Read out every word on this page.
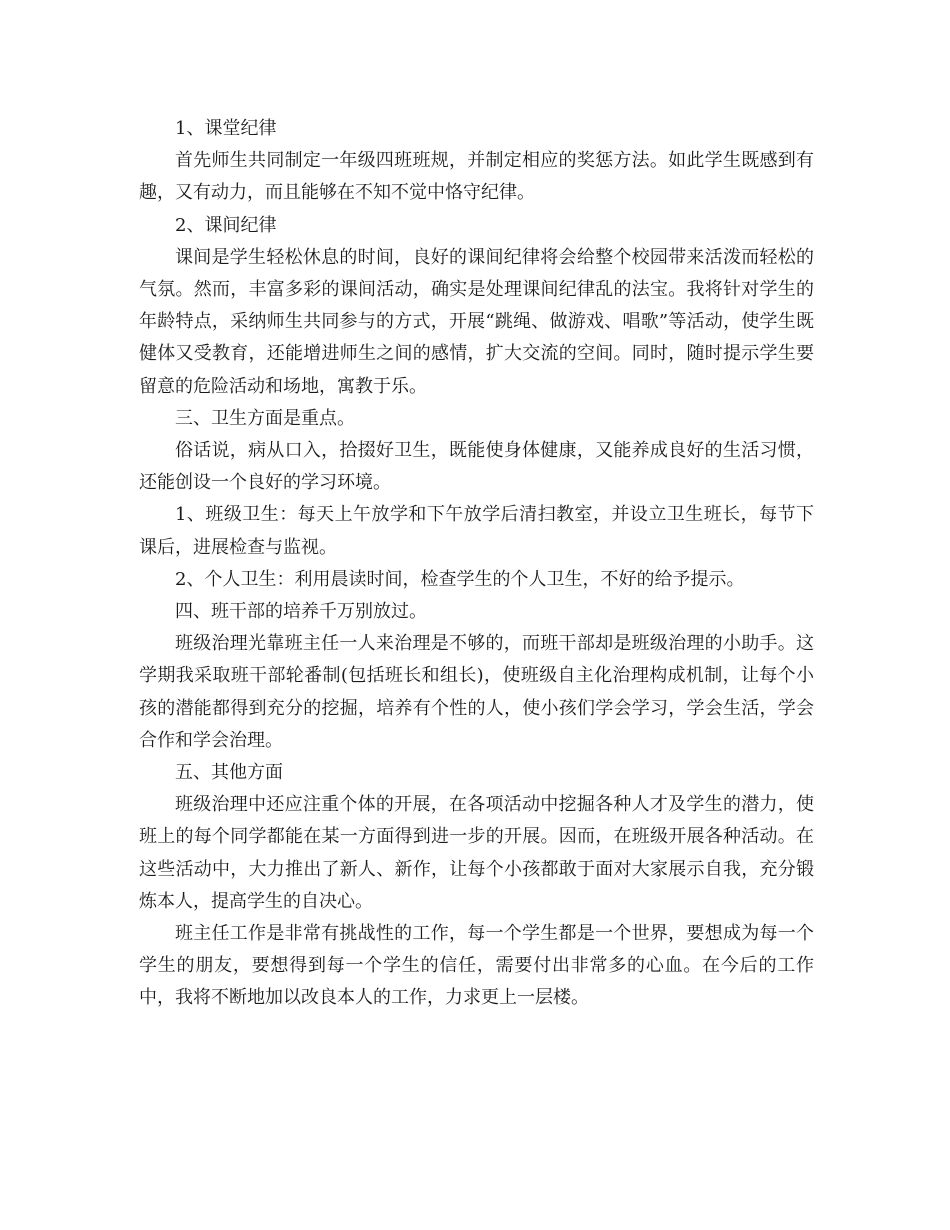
1、课堂纪律

首先师生共同制定一年级四班班规，并制定相应的奖惩方法。如此学生既感到有趣，又有动力，而且能够在不知不觉中恪守纪律。

2、课间纪律

课间是学生轻松休息的时间，良好的课间纪律将会给整个校园带来活泼而轻松的气氛。然而，丰富多彩的课间活动，确实是处理课间纪律乱的法宝。我将针对学生的年龄特点，采纳师生共同参与的方式，开展“跳绳、做游戏、唱歌”等活动，使学生既健体又受教育，还能增进师生之间的感情，扩大交流的空间。同时，随时提示学生要留意的危险活动和场地，寓教于乐。

三、卫生方面是重点。

俗话说，病从口入，拾掇好卫生，既能使身体健康，又能养成良好的生活习惯，还能创设一个良好的学习环境。

1、班级卫生：每天上午放学和下午放学后清扫教室，并设立卫生班长，每节下课后，进展检查与监视。

2、个人卫生：利用晨读时间，检查学生的个人卫生，不好的给予提示。

四、班干部的培养千万别放过。

班级治理光靠班主任一人来治理是不够的，而班干部却是班级治理的小助手。这学期我采取班干部轮番制(包括班长和组长)，使班级自主化治理构成机制，让每个小孩的潜能都得到充分的挖掘，培养有个性的人，使小孩们学会学习，学会生活，学会合作和学会治理。

五、其他方面

班级治理中还应注重个体的开展，在各项活动中挖掘各种人才及学生的潜力，使班上的每个同学都能在某一方面得到进一步的开展。因而，在班级开展各种活动。在这些活动中，大力推出了新人、新作，让每个小孩都敢于面对大家展示自我，充分锻炼本人，提高学生的自决心。

班主任工作是非常有挑战性的工作，每一个学生都是一个世界，要想成为每一个学生的朋友，要想得到每一个学生的信任，需要付出非常多的心血。在今后的工作中，我将不断地加以改良本人的工作，力求更上一层楼。
